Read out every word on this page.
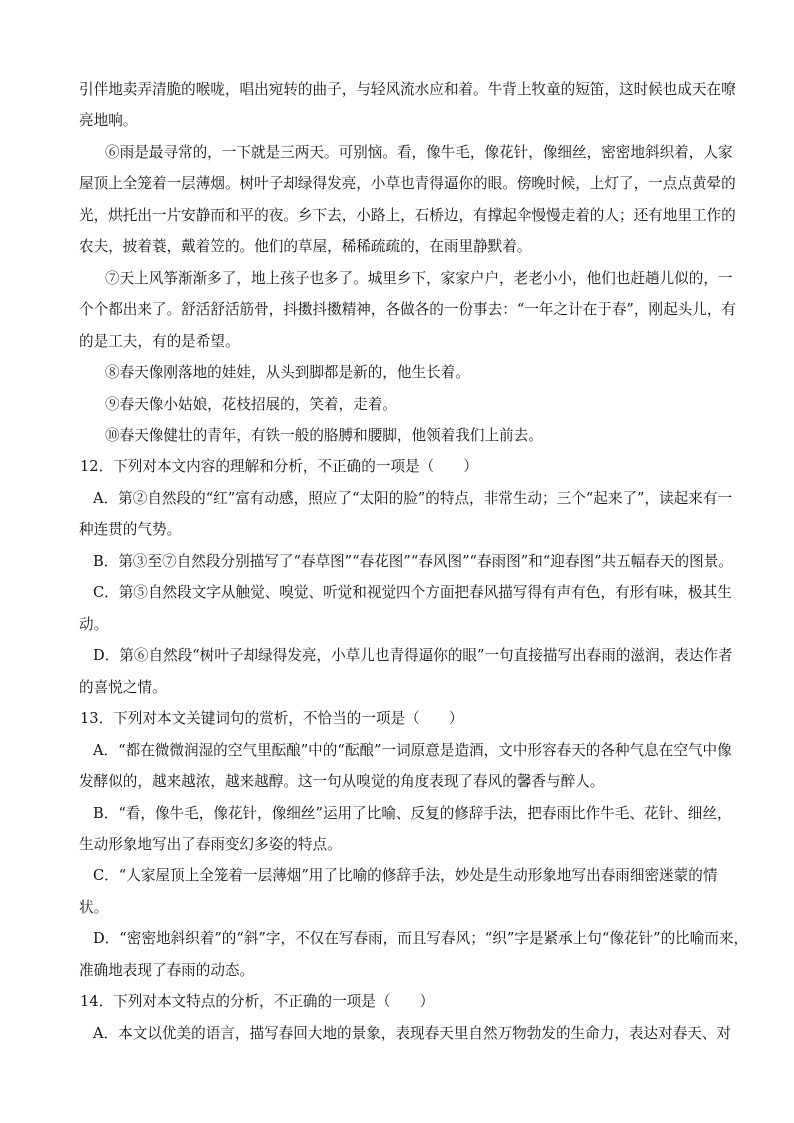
引伴地卖弄清脆的喉咙，唱出宛转的曲子，与轻风流水应和着。牛背上牧童的短笛，这时候也成天在嘹
亮地响。
⑥雨是最寻常的，一下就是三两天。可别恼。看，像牛毛，像花针，像细丝，密密地斜织着，人家
屋顶上全笼着一层薄烟。树叶子却绿得发亮，小草也青得逼你的眼。傍晚时候，上灯了，一点点黄晕的
光，烘托出一片安静而和平的夜。乡下去，小路上，石桥边，有撑起伞慢慢走着的人；还有地里工作的
农夫，披着蓑，戴着笠的。他们的草屋，稀稀疏疏的，在雨里静默着。
⑦天上风筝渐渐多了，地上孩子也多了。城里乡下，家家户户，老老小小，他们也赶趟儿似的，一
个个都出来了。舒活舒活筋骨，抖擞抖擞精神，各做各的一份事去：“一年之计在于春”，刚起头儿，有
的是工夫，有的是希望。
⑧春天像刚落地的娃娃，从头到脚都是新的，他生长着。
⑨春天像小姑娘，花枝招展的，笑着，走着。
⑩春天像健壮的青年，有铁一般的胳膊和腰脚，他领着我们上前去。
12．下列对本文内容的理解和分析，不正确的一项是（　　）
A．第②自然段的“红”富有动感，照应了“太阳的脸”的特点，非常生动；三个“起来了”，读起来有一
种连贯的气势。
B．第③至⑦自然段分别描写了“春草图”“春花图”“春风图”“春雨图”和“迎春图”共五幅春天的图景。
C．第⑤自然段文字从触觉、嗅觉、听觉和视觉四个方面把春风描写得有声有色，有形有味，极其生
动。
D．第⑥自然段“树叶子却绿得发亮，小草儿也青得逼你的眼”一句直接描写出春雨的滋润，表达作者
的喜悦之情。
13．下列对本文关键词句的赏析，不恰当的一项是（　　）
A．“都在微微润湿的空气里酝酿”中的“酝酿”一词原意是造酒，文中形容春天的各种气息在空气中像
发酵似的，越来越浓，越来越醇。这一句从嗅觉的角度表现了春风的馨香与醉人。
B．“看，像牛毛，像花针，像细丝”运用了比喻、反复的修辞手法，把春雨比作牛毛、花针、细丝，
生动形象地写出了春雨变幻多姿的特点。
C．“人家屋顶上全笼着一层薄烟”用了比喻的修辞手法，妙处是生动形象地写出春雨细密迷蒙的情
状。
D．“密密地斜织着”的“斜”字，不仅在写春雨，而且写春风；“织”字是紧承上句“像花针”的比喻而来，
准确地表现了春雨的动态。
14．下列对本文特点的分析，不正确的一项是（　　）
A．本文以优美的语言，描写春回大地的景象，表现春天里自然万物勃发的生命力，表达对春天、对
